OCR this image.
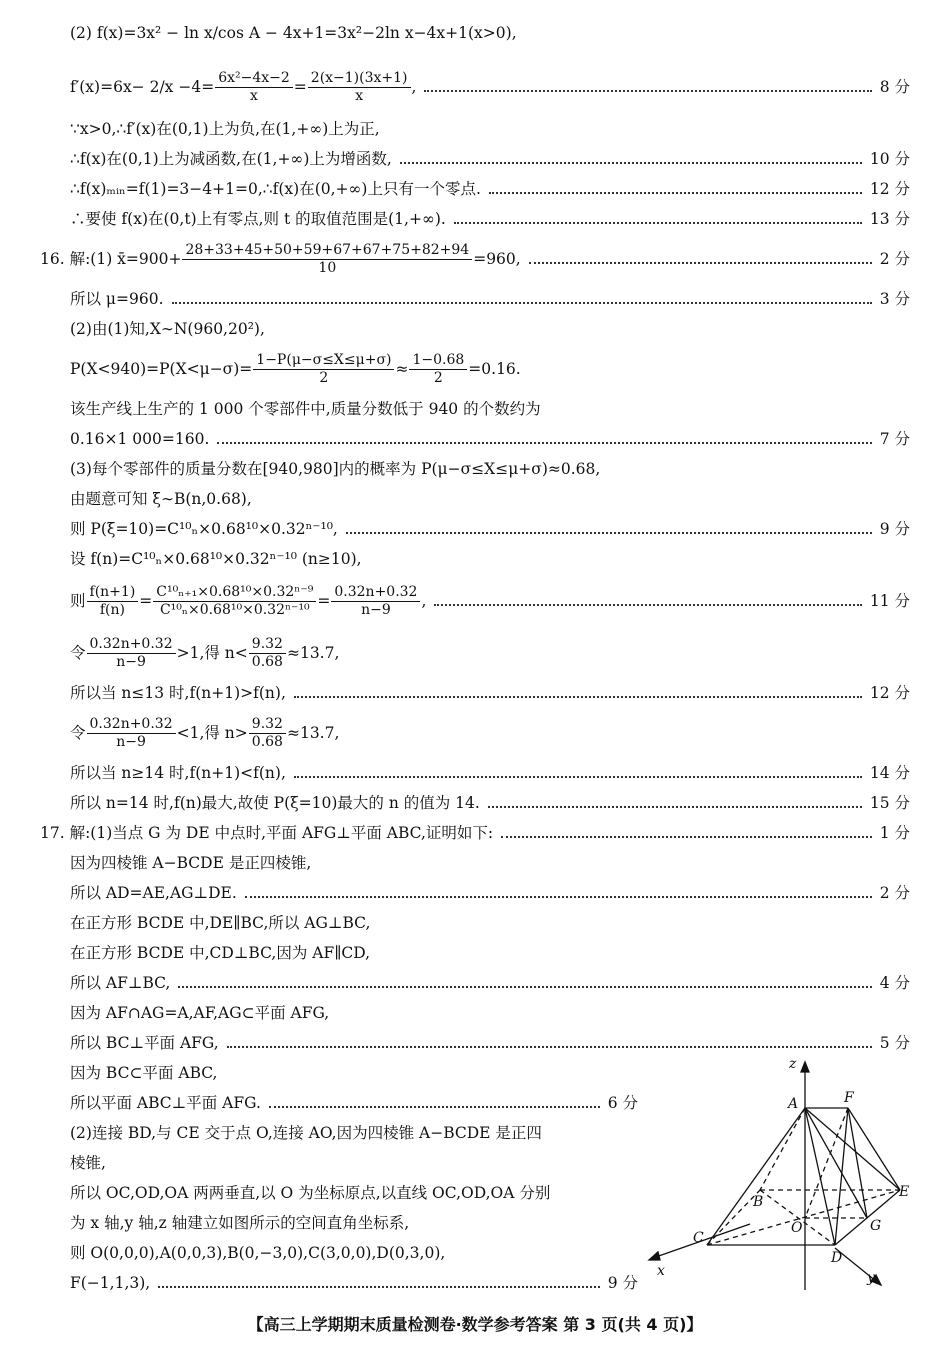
(2) f(x)=3x² − ln x/cos A − 4x+1=3x²−2ln x−4x+1(x>0),
$f'(x)=6x- 2/x -4= \frac{\text{6x²−4x−2}}{x} = \frac{2(x-1)(3x+1)}{x}$ ,	8 分
∵x>0,∴f′(x)在(0,1)上为负,在(1,+∞)上为正,
∴f(x)在(0,1)上为减函数,在(1,+∞)上为增函数,	10 分
∴f(x)ₘᵢₙ=f(1)=3−4+1=0,∴f(x)在(0,+∞)上只有一个零点.	12 分
∴要使 f(x)在(0,t)上有零点,则 t 的取值范围是(1,+∞).	13 分
16. 解:(1) x̄=900+ $\frac{28+33+45+50+59+67+67+75+82+94}{10} =960$,	2 分
所以 μ=960.	3 分
(2)由(1)知,X∼N(960,20²),
$P(X<940)=P(X<\mu-\sigma)= \frac{1-P(\mu-\sigma\le X\le\mu+\sigma)}{2} \approx \frac{1-0.68}{2} =0.16$.
该生产线上生产的 1 000 个零部件中,质量分数低于 940 的个数约为
0.16×1 000=160.	7 分
(3)每个零部件的质量分数在[940,980]内的概率为 P(μ−σ≤X≤μ+σ)≈0.68,
由题意可知 ξ∼B(n,0.68),
则 P(ξ=10)=C¹⁰ₙ×0.68¹⁰×0.32ⁿ⁻¹⁰,	9 分
设 f(n)=C¹⁰ₙ×0.68¹⁰×0.32ⁿ⁻¹⁰ (n≥10),
则 $\frac{f(n+1)}{f(n)} = \frac{\text{C¹⁰ₙ₊₁×0.68¹⁰×0.32ⁿ⁻⁹}}{\text{C¹⁰ₙ×0.68¹⁰×0.32ⁿ⁻¹⁰}} = \frac{0.32n+0.32}{n-9}$ ,	11 分
令 $\frac{0.32n+0.32}{n-9} >1$,得 $n< \frac{9.32}{0.68} \approx 13.7$,
所以当 n≤13 时,f(n+1)>f(n),	12 分
令 $\frac{0.32n+0.32}{n-9} <1$,得 $n> \frac{9.32}{0.68} \approx 13.7$,
所以当 n≥14 时,f(n+1)<f(n),	14 分
所以 n=14 时,f(n)最大,故使 P(ξ=10)最大的 n 的值为 14.	15 分
17. 解:(1)当点 G 为 DE 中点时,平面 AFG⊥平面 ABC,证明如下:	1 分
因为四棱锥 A−BCDE 是正四棱锥,
所以 AD=AE,AG⊥DE.	2 分
在正方形 BCDE 中,DE∥BC,所以 AG⊥BC,
在正方形 BCDE 中,CD⊥BC,因为 AF∥CD,
所以 AF⊥BC,	4 分
因为 AF∩AG=A,AF,AG⊂平面 AFG,
所以 BC⊥平面 AFG,	5 分
因为 BC⊂平面 ABC,
所以平面 ABC⊥平面 AFG.	6 分
(2)连接 BD,与 CE 交于点 O,连接 AO,因为四棱锥 A−BCDE 是正四
棱锥,
所以 OC,OD,OA 两两垂直,以 O 为坐标原点,以直线 OC,OD,OA 分别
为 x 轴,y 轴,z 轴建立如图所示的空间直角坐标系,
则 O(0,0,0),A(0,0,3),B(0,−3,0),C(3,0,0),D(0,3,0),
F(−1,1,3),	9 分
z
A	F
B
O
E
G
C
D
x	y
【高三上学期期末质量检测卷·数学参考答案 第 3 页(共 4 页)】
